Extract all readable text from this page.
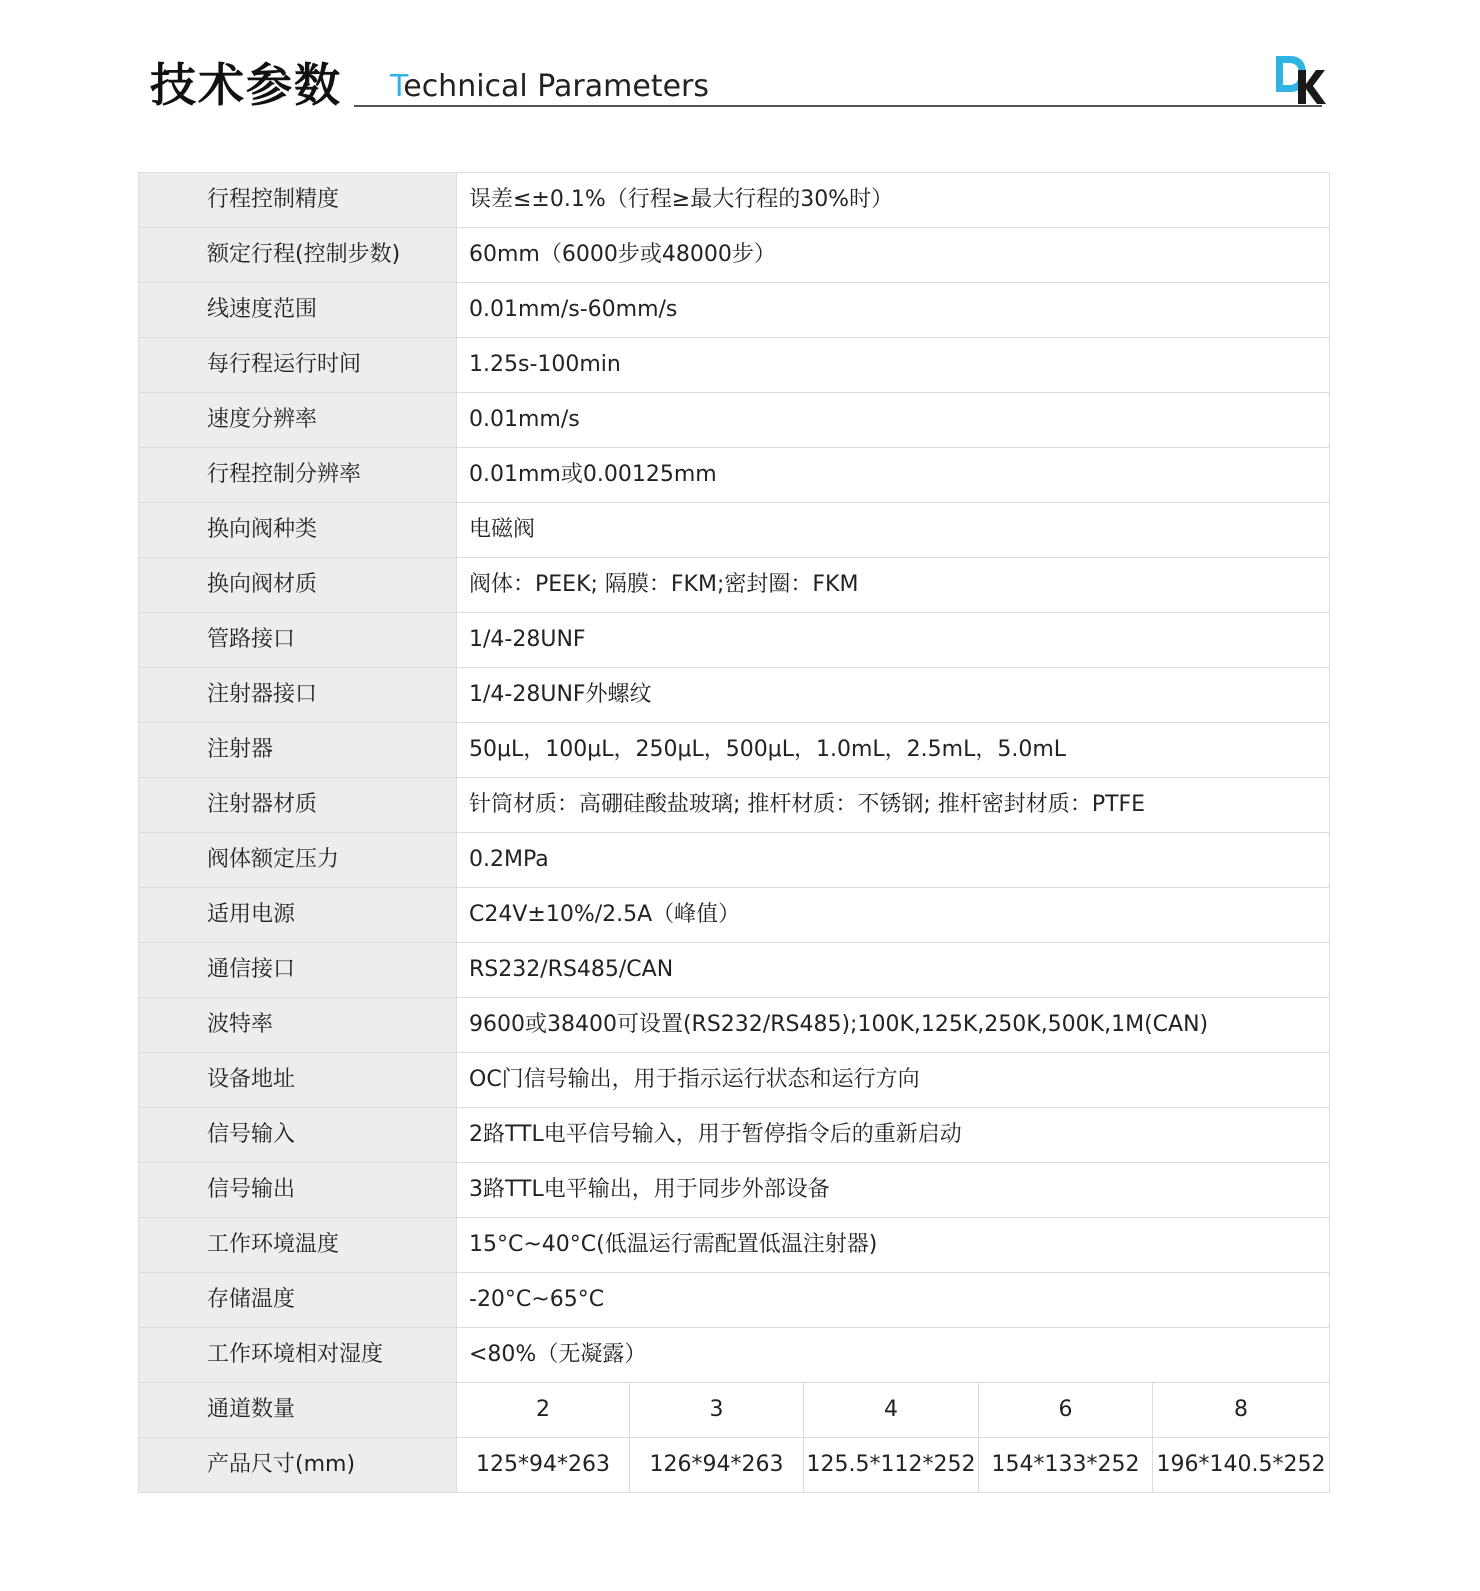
技术参数 Technical Parameters
行程控制精度	误差≤±0.1%（行程≥最大行程的30%时）				
额定行程(控制步数)	60mm（6000步或48000步）				
线速度范围	0.01mm/s-60mm/s				
每行程运行时间	1.25s-100min				
速度分辨率	0.01mm/s				
行程控制分辨率	0.01mm或0.00125mm				
换向阀种类	电磁阀				
换向阀材质	阀体：PEEK; 隔膜：FKM;密封圈：FKM				
管路接口	1/4-28UNF				
注射器接口	1/4-28UNF外螺纹				
注射器	50μL，100μL，250μL，500μL，1.0mL，2.5mL，5.0mL				
注射器材质	针筒材质：高硼硅酸盐玻璃; 推杆材质：不锈钢; 推杆密封材质：PTFE				
阀体额定压力	0.2MPa				
适用电源	C24V±10%/2.5A（峰值）				
通信接口	RS232/RS485/CAN				
波特率	9600或38400可设置(RS232/RS485);100K,125K,250K,500K,1M(CAN)				
设备地址	OC门信号输出，用于指示运行状态和运行方向				
信号输入	2路TTL电平信号输入，用于暂停指令后的重新启动				
信号输出	3路TTL电平输出，用于同步外部设备				
工作环境温度	15°C~40°C(低温运行需配置低温注射器)				
存储温度	-20°C~65°C				
工作环境相对湿度	<80%（无凝露）				
通道数量	2	3	4	6	8
产品尺寸(mm)	125*94*263	126*94*263	125.5*112*252	154*133*252	196*140.5*252
